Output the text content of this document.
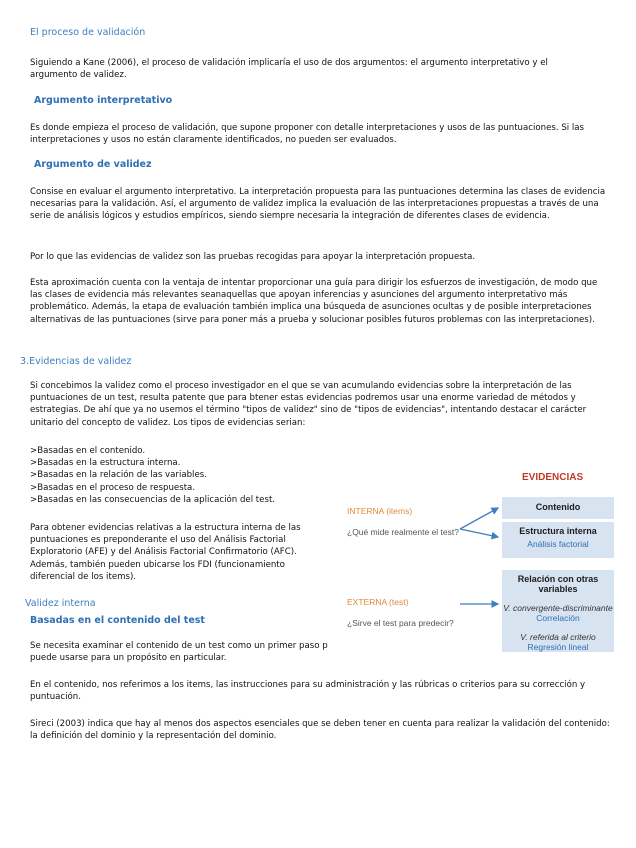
El proceso de validación
Siguiendo a Kane (2006), el proceso de validación implicaría el uso de dos argumentos: el argumento interpretativo y el argumento de validez.
Argumento interpretativo
Es donde empieza el proceso de validación, que supone proponer con detalle interpretaciones y usos de las puntuaciones. Si las interpretaciones y usos no están claramente identificados, no pueden ser evaluados.
Argumento de validez
Consise en evaluar el argumento interpretativo. La interpretación propuesta para las puntuaciones determina las clases de evidencia necesarias para la validación. Así, el argumento de validez implica la evaluación de las interpretaciones propuestas a través de una serie de análisis lógicos y estudios empíricos, siendo siempre necesaria la integración de diferentes clases de evidencia.
Por lo que las evidencias de validez son las pruebas recogidas para apoyar la interpretación propuesta.
Esta aproximación cuenta con la ventaja de intentar proporcionar una guía para dirigir los esfuerzos de investigación, de modo que las clases de evidencia más relevantes seanaquellas que apoyan inferencias y asunciones del argumento interpretativo más problemático. Además, la etapa de evaluación también implica una búsqueda de asunciones ocultas y de posible interpretaciones alternativas de las puntuaciones (sirve para poner más a prueba y solucionar posibles futuros problemas con las interpretaciones).
3.Evidencias de validez
Si concebimos la validez como el proceso investigador en el que se van acumulando evidencias sobre la interpretación de las puntuaciones de un test, resulta patente que para btener estas evidencias podremos usar una enorme variedad de métodos y estrategias. De ahí que ya no usemos el término "tipos de validez" sino de "tipos de evidencias", intentando destacar el carácter unitario del concepto de validez. Los tipos de evidencias serian:
>Basadas en el contenido.
>Basadas en la estructura interna.
>Basadas en la relación de las variables.
>Basadas en el proceso de respuesta.
>Basadas en las consecuencias de la aplicación del test.
Para obtener evidencias relativas a la estructura interna de las puntuaciones es preponderante el uso del Análisis Factorial Exploratorio (AFE) y del Análisis Factorial Confirmatorio (AFC). Además, también pueden ubicarse los FDI (funcionamiento diferencial de los items).
Validez interna
Basadas en el contenido del test
Se necesita examinar el contenido de un test como un primer paso p puede usarse para un propósito en particular.
En el contenido, nos referimos a los items, las instrucciones para su administración y las rúbricas o criterios para su corrección y puntuación.
Sireci (2003) indica que hay al menos dos aspectos esenciales que se deben tener en cuenta para realizar la validación del contenido: la definición del dominio y la representación del dominio.
EVIDENCIAS
INTERNA (items)
¿Qué mide realmente el test?
EXTERNA (test)
¿Sirve el test para predecir?
Contenido
Estructura interna
Análisis factorial
Relación con otras variables
V. convergente-discriminante
Correlación
V. referida al criterio
Regresión lineal
